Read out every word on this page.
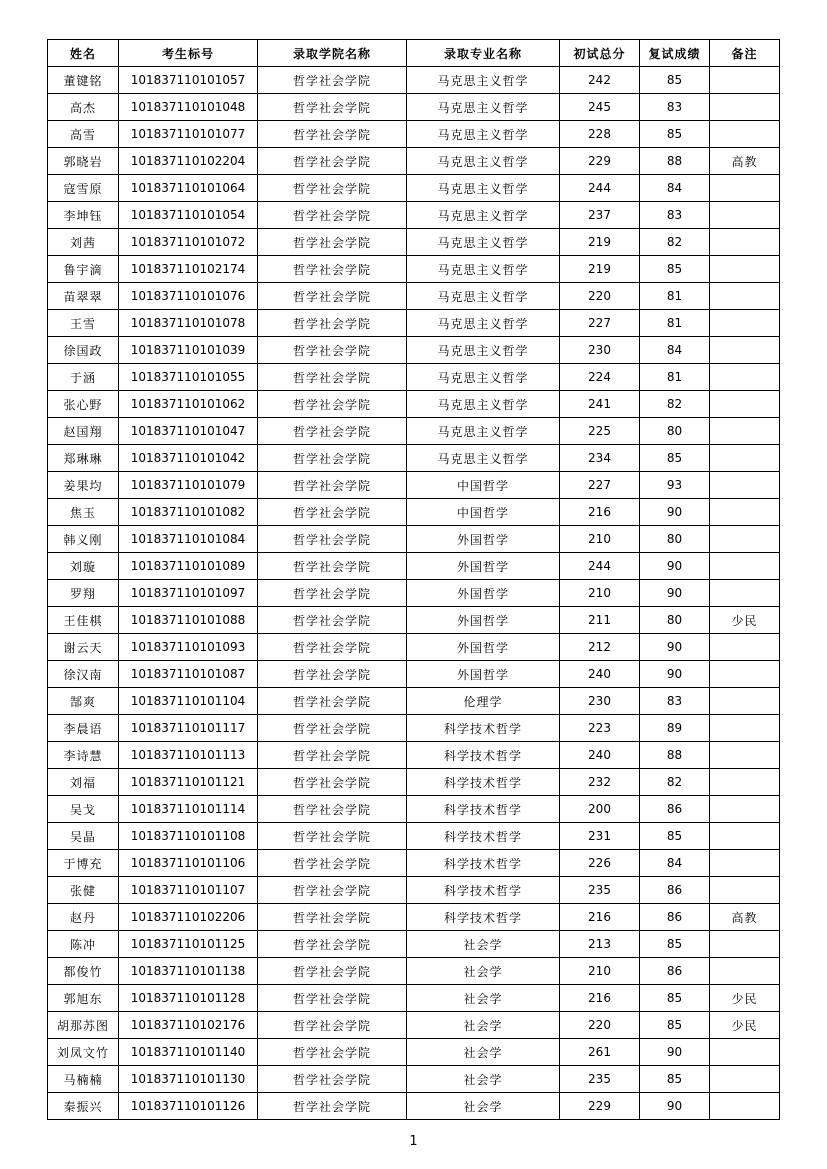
姓名	考生标号	录取学院名称	录取专业名称	初试总分	复试成绩	备注
董键铭	101837110101057	哲学社会学院	马克思主义哲学	242	85	
高杰	101837110101048	哲学社会学院	马克思主义哲学	245	83	
高雪	101837110101077	哲学社会学院	马克思主义哲学	228	85	
郭晓岩	101837110102204	哲学社会学院	马克思主义哲学	229	88	高教
寇雪原	101837110101064	哲学社会学院	马克思主义哲学	244	84	
李坤钰	101837110101054	哲学社会学院	马克思主义哲学	237	83	
刘茜	101837110101072	哲学社会学院	马克思主义哲学	219	82	
鲁宇滴	101837110102174	哲学社会学院	马克思主义哲学	219	85	
苗翠翠	101837110101076	哲学社会学院	马克思主义哲学	220	81	
王雪	101837110101078	哲学社会学院	马克思主义哲学	227	81	
徐国政	101837110101039	哲学社会学院	马克思主义哲学	230	84	
于涵	101837110101055	哲学社会学院	马克思主义哲学	224	81	
张心野	101837110101062	哲学社会学院	马克思主义哲学	241	82	
赵国翔	101837110101047	哲学社会学院	马克思主义哲学	225	80	
郑琳琳	101837110101042	哲学社会学院	马克思主义哲学	234	85	
姜果均	101837110101079	哲学社会学院	中国哲学	227	93	
焦玉	101837110101082	哲学社会学院	中国哲学	216	90	
韩义刚	101837110101084	哲学社会学院	外国哲学	210	80	
刘璇	101837110101089	哲学社会学院	外国哲学	244	90	
罗翔	101837110101097	哲学社会学院	外国哲学	210	90	
王佳棋	101837110101088	哲学社会学院	外国哲学	211	80	少民
谢云天	101837110101093	哲学社会学院	外国哲学	212	90	
徐汉南	101837110101087	哲学社会学院	外国哲学	240	90	
郜爽	101837110101104	哲学社会学院	伦理学	230	83	
李晨语	101837110101117	哲学社会学院	科学技术哲学	223	89	
李诗慧	101837110101113	哲学社会学院	科学技术哲学	240	88	
刘福	101837110101121	哲学社会学院	科学技术哲学	232	82	
吴戈	101837110101114	哲学社会学院	科学技术哲学	200	86	
吴晶	101837110101108	哲学社会学院	科学技术哲学	231	85	
于博充	101837110101106	哲学社会学院	科学技术哲学	226	84	
张健	101837110101107	哲学社会学院	科学技术哲学	235	86	
赵丹	101837110102206	哲学社会学院	科学技术哲学	216	86	高教
陈冲	101837110101125	哲学社会学院	社会学	213	85	
都俊竹	101837110101138	哲学社会学院	社会学	210	86	
郭旭东	101837110101128	哲学社会学院	社会学	216	85	少民
胡那苏图	101837110102176	哲学社会学院	社会学	220	85	少民
刘凤文竹	101837110101140	哲学社会学院	社会学	261	90	
马楠楠	101837110101130	哲学社会学院	社会学	235	85	
秦振兴	101837110101126	哲学社会学院	社会学	229	90	
1
